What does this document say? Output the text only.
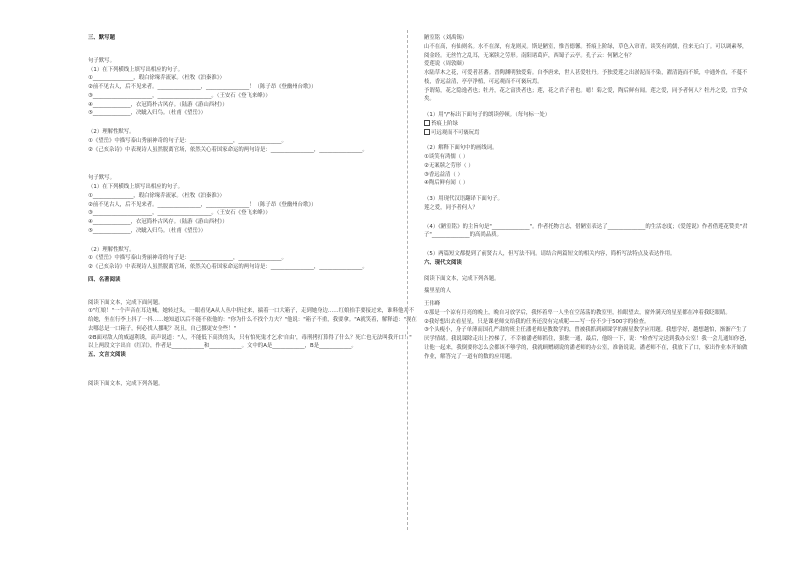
三、默写题
句子默写。
（1）在下列横线上填写出相应的句子。
①_______________，瑕白徐缘乔流冢。（杜牧《泊秦淮》）
②前不见古人，后不见来者。________________，________________！（陈子昂《登幽州台歌》）
③______________________，____________________。（王安石《登飞来峰》）
④______________，衣冠简朴古风存。（陆游《游山西村》）
⑤______________，决眦入归鸟。（杜甫《望岳》）
（2）理解性默写。
①《望岳》中描写泰山秀丽神奇的句子是：________________，________________。
②《己亥杂诗》中表现诗人虽然脱离官场，依然关心着国家命运的两句诗是：________________，________________。
句子默写。
（1）在下列横线上填写出相应的句子。
①_______________，瑕白徐缘乔流冢。（杜牧《泊秦淮》）
②前不见古人，后不见来者。________________，________________！（陈子昂《登幽州台歌》）
③______________________，____________________。（王安石《登飞来峰》）
④______________，衣冠简朴古风存。（陆游《游山西村》）
⑤______________，决眦入归鸟。（杜甫《望岳》）
（2）理解性默写。
①《望岳》中描写泰山秀丽神奇的句子是：________________，________________。
②《己亥杂诗》中表现诗人虽然脱离官场，依然关心着国家命运的两句诗是：________________，________________。
四、名著阅读
阅读下面文本，完成下面问题。
①"红娘！"一个声音在耳边喊，她转过头，一眼看见A从人丛中挤过来，揣着一口大箱子，走到她身边……红娘抬手要接过来，谁料他并不给她，坐在行李上抖了一抖……她知道以后不能不依他的："你为什么不找个力夫？"他说："箱子不重，我要拿。"A就笑着，解释道："现在去哪总是一口箱子，何必找人挪呢？况且，自己挪更安全些！"
②B面对敌人的威逼利诱，高声说道："人，不能低下高贵的头，只有怕死鬼才乞求'自由'，毒刑拷打算得了什么？死亡也无法叫我开口！"
以上两段文字出自《红岩》，作者是____________和____________。文中的A是____________，B是____________。
五、文言文阅读
阅读下面文本，完成下列各题。
陋室铭（刘禹锡）
山不在高，有仙则名。水不在深，有龙则灵。斯是陋室，惟吾德馨。苔痕上阶绿，草色入帘青。谈笑有鸿儒，往来无白丁。可以调素琴，阅金经。无丝竹之乱耳，无案牍之劳形。南阳诸葛庐，西蜀子云亭。孔子云：何陋之有？
爱莲说（周敦颐）
水陆草木之花，可爱者甚蕃。晋陶渊明独爱菊。自李唐来，世人甚爱牡丹。予独爱莲之出淤泥而不染，濯清涟而不妖，中通外直，不蔓不枝，香远益清，亭亭净植，可远观而不可亵玩焉。
予谓菊，花之隐逸者也；牡丹，花之富贵者也；莲，花之君子者也。噫！菊之爱，陶后鲜有闻。莲之爱，同予者何人？牡丹之爱，宜乎众矣。
（1）用"/"标出下面句子的朗读停顿。（每句标一处）
苔痕上阶绿
可远观而不可亵玩焉
（2）解释下面句中的画线词。
①谈笑有鸿儒（ ）
②无案牍之劳形（ ）
③香远益清（ ）
④陶后鲜有闻（ ）
（3）用现代汉语翻译下面句子。
莲之爱，同予者何人？
（4）《陋室铭》的主旨句是"______________"。作者托物言志，借陋室表达了______________的生活态度；《爱莲说》作者借莲花赞美"君子"______________的高尚品质。
（5）两篇短文都提到了前贤古人，但写法不同。请结合两篇短文的相关内容，简析写法特点及表达作用。
六、现代文阅读
阅读下面文本，完成下列各题。
揣里星的人
王伟峰
①那是一个凉有月亮的晚上，晚自习放学后，我怀着卑一人坐在空荡荡的教室里，抬眼望去，窗外满天的星星都在冲着我眨眼睛。
②我好想出去看星星，只是课老师交给我的任务还没有完成呢——写一份不少于500字的检查。
③个头瘦小，身子单薄而国孔严肃的班主任潘老师是教数学的，曾被我抓到刷课学的握星数学应用题。我想学好，越想越怕，渐渐产生了厌学情绪。我说课除走出上控梯了，不幸被潘老师抓住，狠批一通，最后，他盼一下，说："检查写完送到我办公室！我一会儿通知你爸，让他一起来，我倒要你怎么会都该不够学的，我就顾赠刷说的潘老师的办公室，准备说说。潘老师不在，我放下了口，家出作业本开始做作业，解答完了一道有的数的应用题。
